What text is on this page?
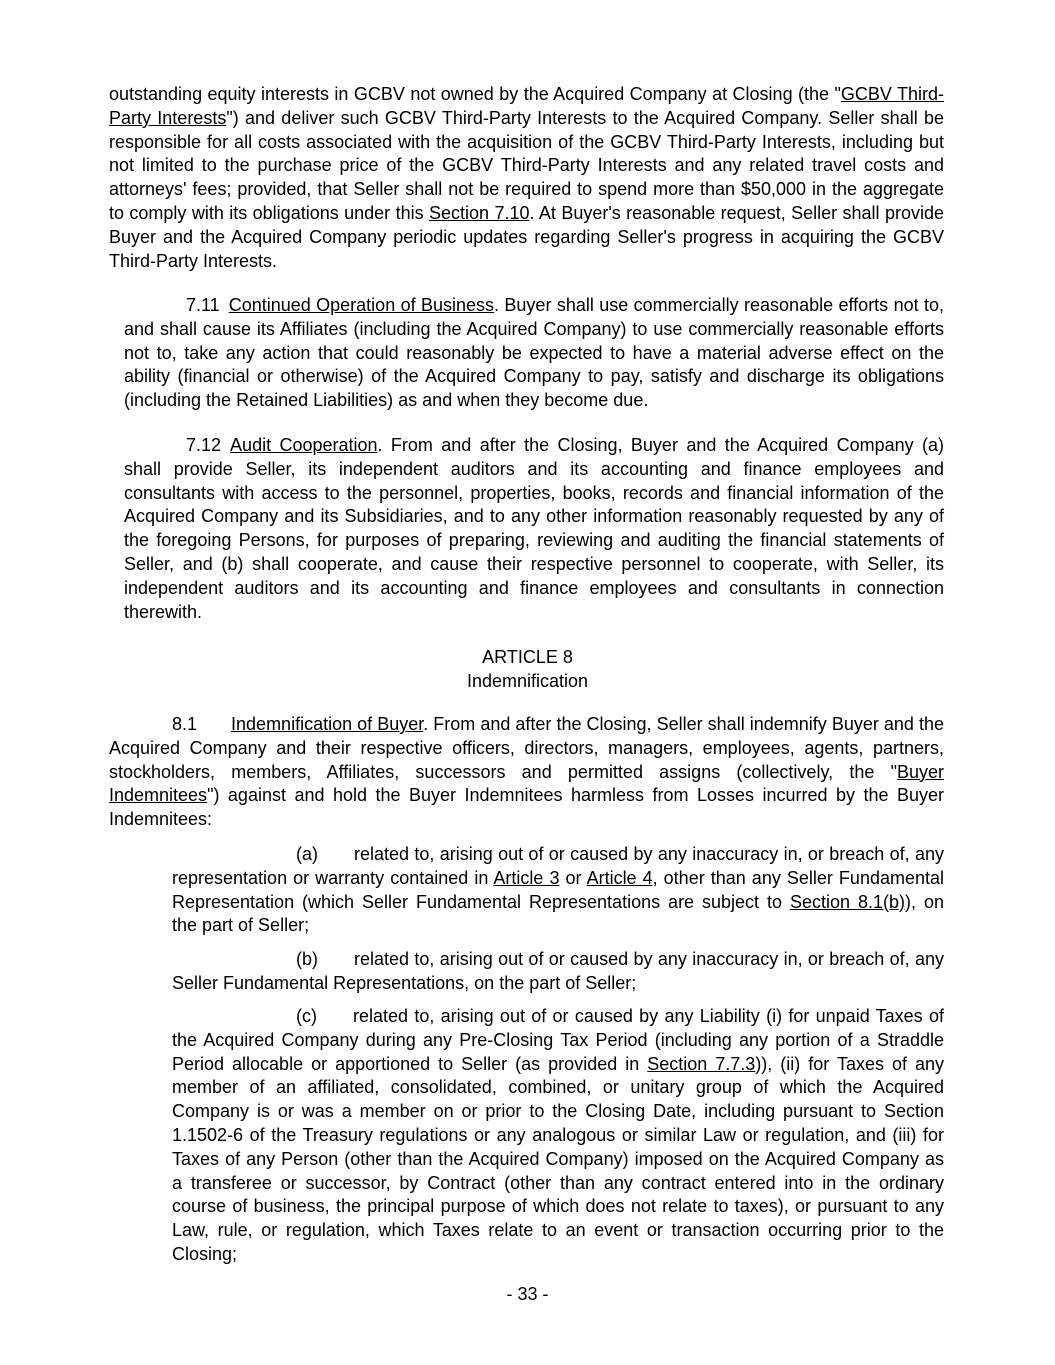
outstanding equity interests in GCBV not owned by the Acquired Company at Closing (the "GCBV Third-Party Interests") and deliver such GCBV Third-Party Interests to the Acquired Company. Seller shall be responsible for all costs associated with the acquisition of the GCBV Third-Party Interests, including but not limited to the purchase price of the GCBV Third-Party Interests and any related travel costs and attorneys' fees; provided, that Seller shall not be required to spend more than $50,000 in the aggregate to comply with its obligations under this Section 7.10. At Buyer's reasonable request, Seller shall provide Buyer and the Acquired Company periodic updates regarding Seller's progress in acquiring the GCBV Third-Party Interests.

7.11 Continued Operation of Business. Buyer shall use commercially reasonable efforts not to, and shall cause its Affiliates (including the Acquired Company) to use commercially reasonable efforts not to, take any action that could reasonably be expected to have a material adverse effect on the ability (financial or otherwise) of the Acquired Company to pay, satisfy and discharge its obligations (including the Retained Liabilities) as and when they become due.

7.12 Audit Cooperation. From and after the Closing, Buyer and the Acquired Company (a) shall provide Seller, its independent auditors and its accounting and finance employees and consultants with access to the personnel, properties, books, records and financial information of the Acquired Company and its Subsidiaries, and to any other information reasonably requested by any of the foregoing Persons, for purposes of preparing, reviewing and auditing the financial statements of Seller, and (b) shall cooperate, and cause their respective personnel to cooperate, with Seller, its independent auditors and its accounting and finance employees and consultants in connection therewith.

ARTICLE 8

Indemnification

8.1 Indemnification of Buyer. From and after the Closing, Seller shall indemnify Buyer and the Acquired Company and their respective officers, directors, managers, employees, agents, partners, stockholders, members, Affiliates, successors and permitted assigns (collectively, the "Buyer Indemnitees") against and hold the Buyer Indemnitees harmless from Losses incurred by the Buyer Indemnitees:

(a) related to, arising out of or caused by any inaccuracy in, or breach of, any representation or warranty contained in Article 3 or Article 4, other than any Seller Fundamental Representation (which Seller Fundamental Representations are subject to Section 8.1(b)), on the part of Seller;

(b) related to, arising out of or caused by any inaccuracy in, or breach of, any Seller Fundamental Representations, on the part of Seller;

(c) related to, arising out of or caused by any Liability (i) for unpaid Taxes of the Acquired Company during any Pre-Closing Tax Period (including any portion of a Straddle Period allocable or apportioned to Seller (as provided in Section 7.7.3)), (ii) for Taxes of any member of an affiliated, consolidated, combined, or unitary group of which the Acquired Company is or was a member on or prior to the Closing Date, including pursuant to Section 1.1502-6 of the Treasury regulations or any analogous or similar Law or regulation, and (iii) for Taxes of any Person (other than the Acquired Company) imposed on the Acquired Company as a transferee or successor, by Contract (other than any contract entered into in the ordinary course of business, the principal purpose of which does not relate to taxes), or pursuant to any Law, rule, or regulation, which Taxes relate to an event or transaction occurring prior to the Closing;

- 33 -
